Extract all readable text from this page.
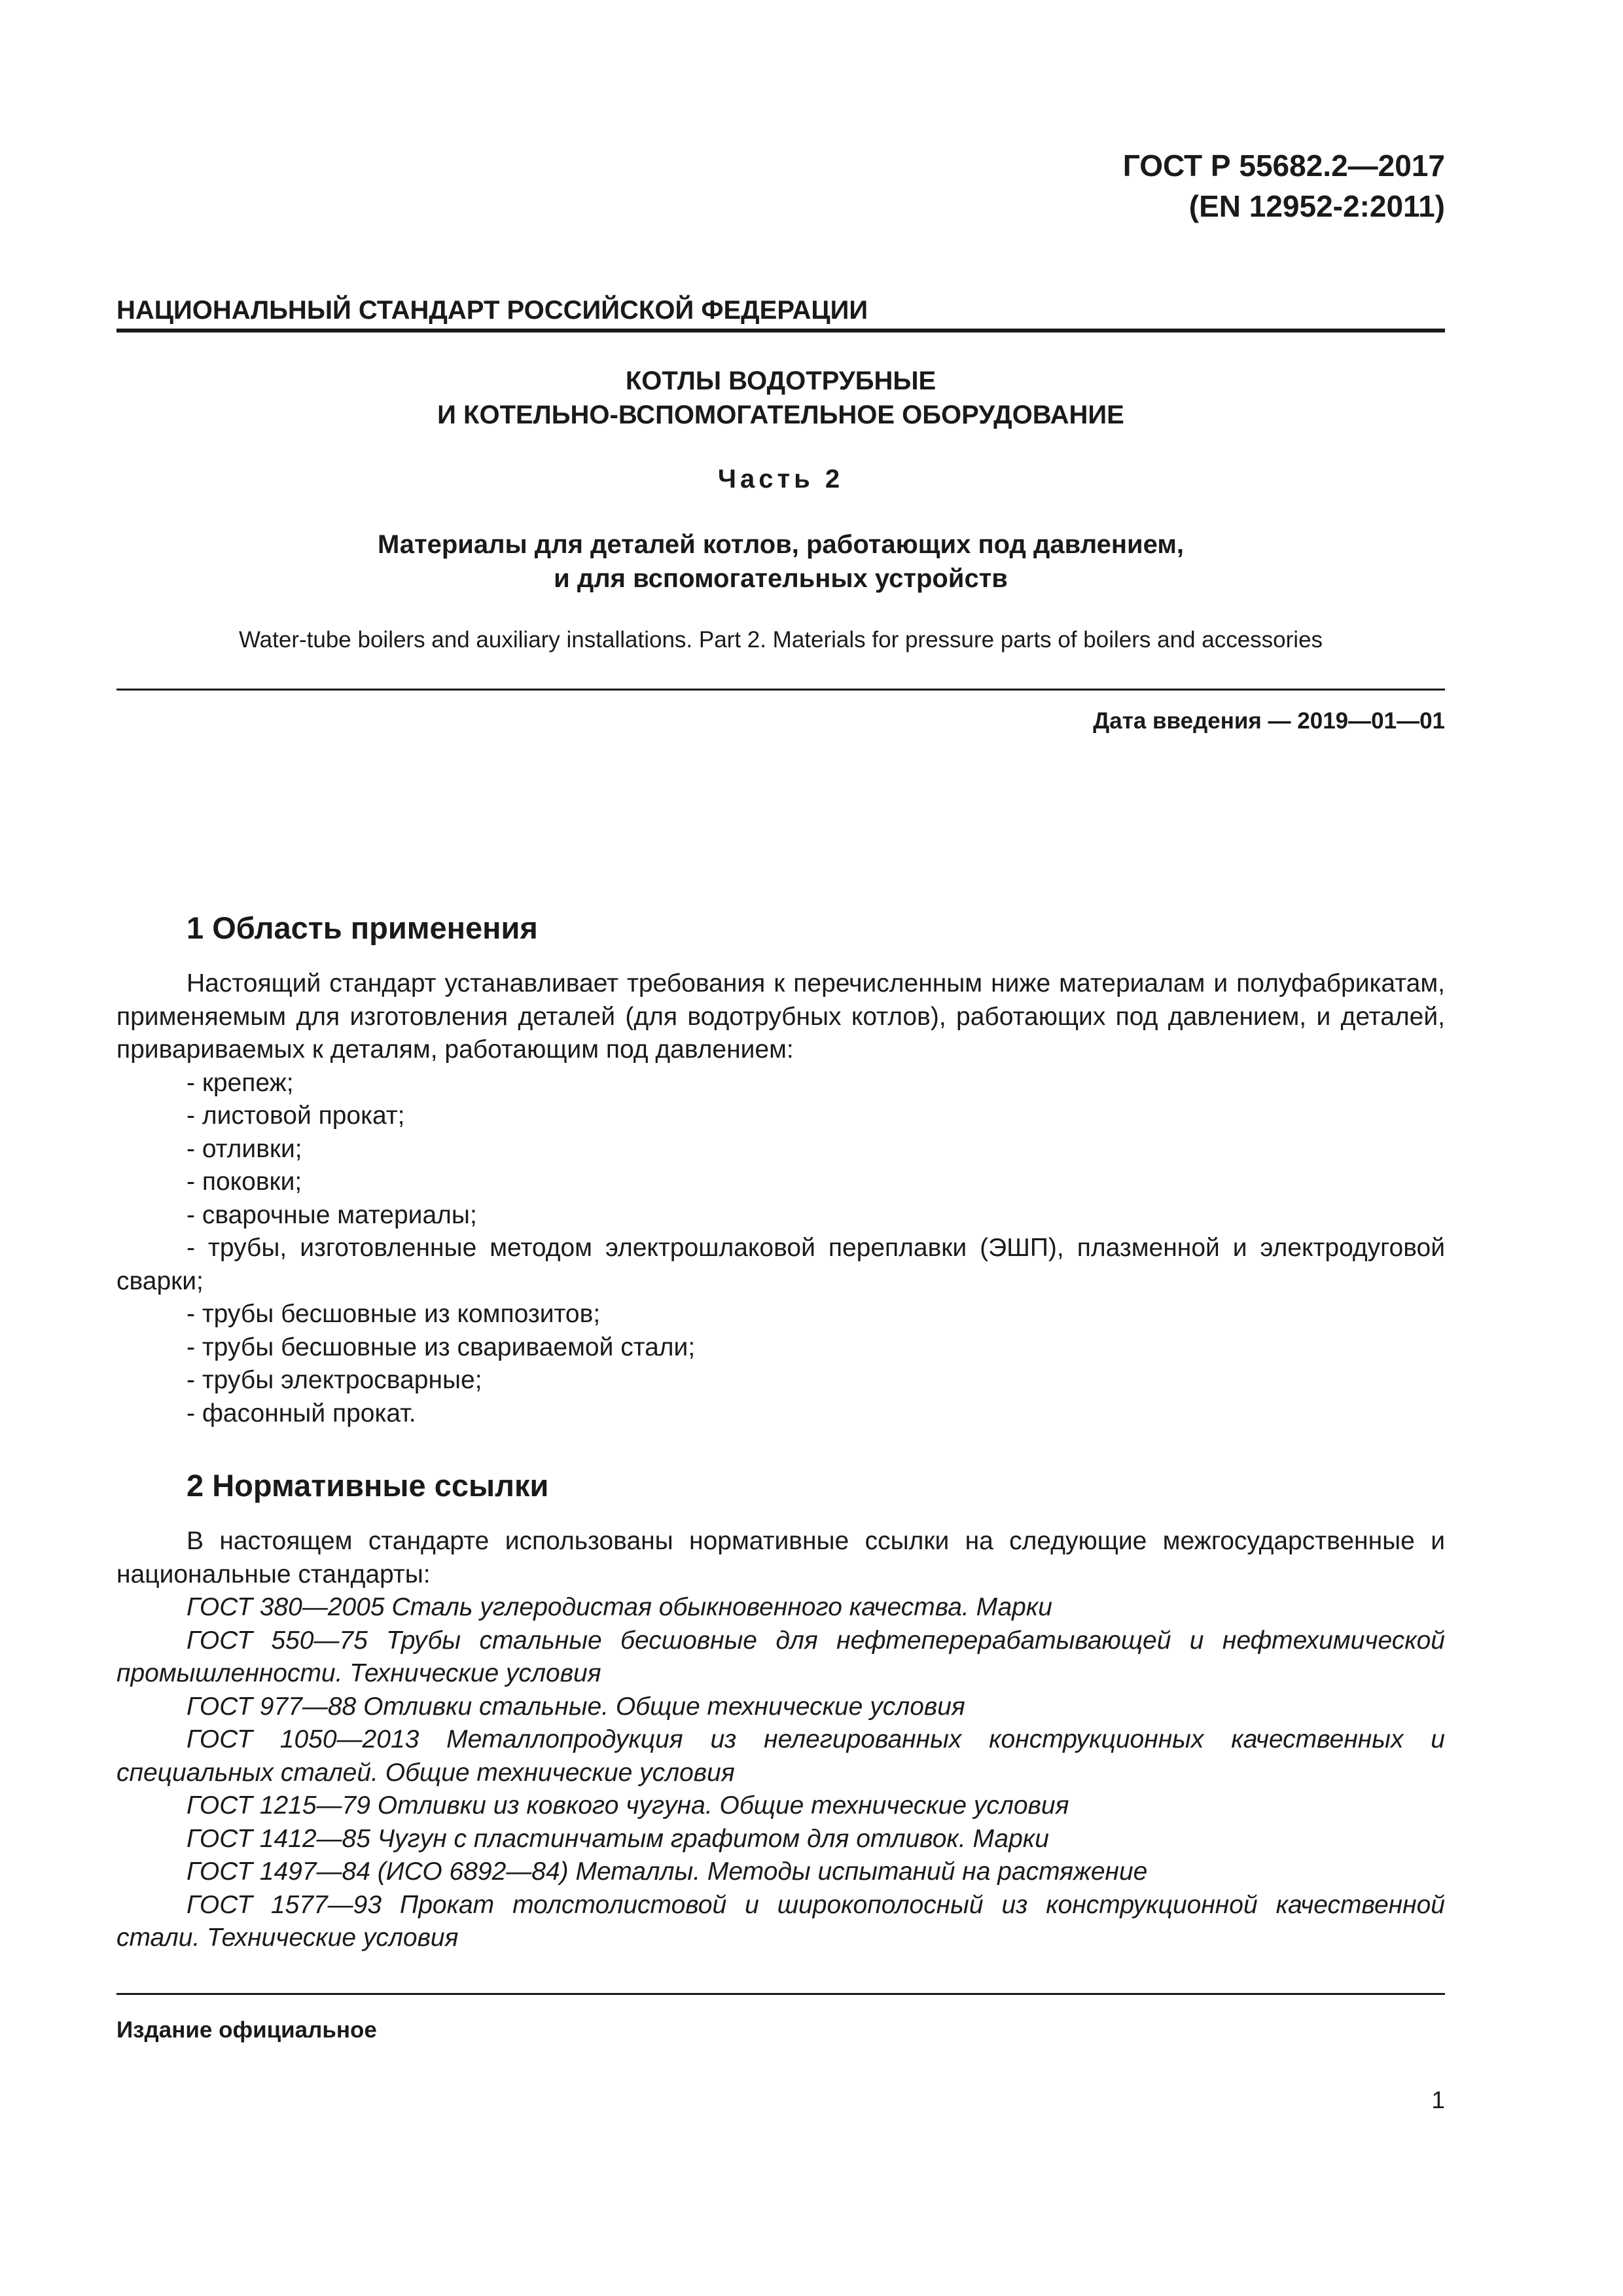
ГОСТ Р 55682.2—2017
(EN 12952-2:2011)
НАЦИОНАЛЬНЫЙ СТАНДАРТ РОССИЙСКОЙ ФЕДЕРАЦИИ
КОТЛЫ ВОДОТРУБНЫЕ
И КОТЕЛЬНО-ВСПОМОГАТЕЛЬНОЕ ОБОРУДОВАНИЕ
Часть 2
Материалы для деталей котлов, работающих под давлением,
и для вспомогательных устройств
Water-tube boilers and auxiliary installations. Part 2. Materials for pressure parts of boilers and accessories
Дата введения — 2019—01—01
1 Область применения

Настоящий стандарт устанавливает требования к перечисленным ниже материалам и полуфабрикатам, применяемым для изготовления деталей (для водотрубных котлов), работающих под давлением, и деталей, привариваемых к деталям, работающим под давлением:

- крепеж;

- листовой прокат;

- отливки;

- поковки;

- сварочные материалы;

- трубы, изготовленные методом электрошлаковой переплавки (ЭШП), плазменной и электродуговой сварки;

- трубы бесшовные из композитов;

- трубы бесшовные из свариваемой стали;

- трубы электросварные;

- фасонный прокат.

2 Нормативные ссылки

В настоящем стандарте использованы нормативные ссылки на следующие межгосударственные и национальные стандарты:

ГОСТ 380—2005 Сталь углеродистая обыкновенного качества. Марки

ГОСТ 550—75 Трубы стальные бесшовные для нефтеперерабатывающей и нефтехимической промышленности. Технические условия

ГОСТ 977—88 Отливки стальные. Общие технические условия

ГОСТ 1050—2013 Металлопродукция из нелегированных конструкционных качественных и специальных сталей. Общие технические условия

ГОСТ 1215—79 Отливки из ковкого чугуна. Общие технические условия

ГОСТ 1412—85 Чугун с пластинчатым графитом для отливок. Марки

ГОСТ 1497—84 (ИСО 6892—84) Металлы. Методы испытаний на растяжение

ГОСТ 1577—93 Прокат толстолистовой и широкополосный из конструкционной качественной стали. Технические условия

Издание официальное
1
